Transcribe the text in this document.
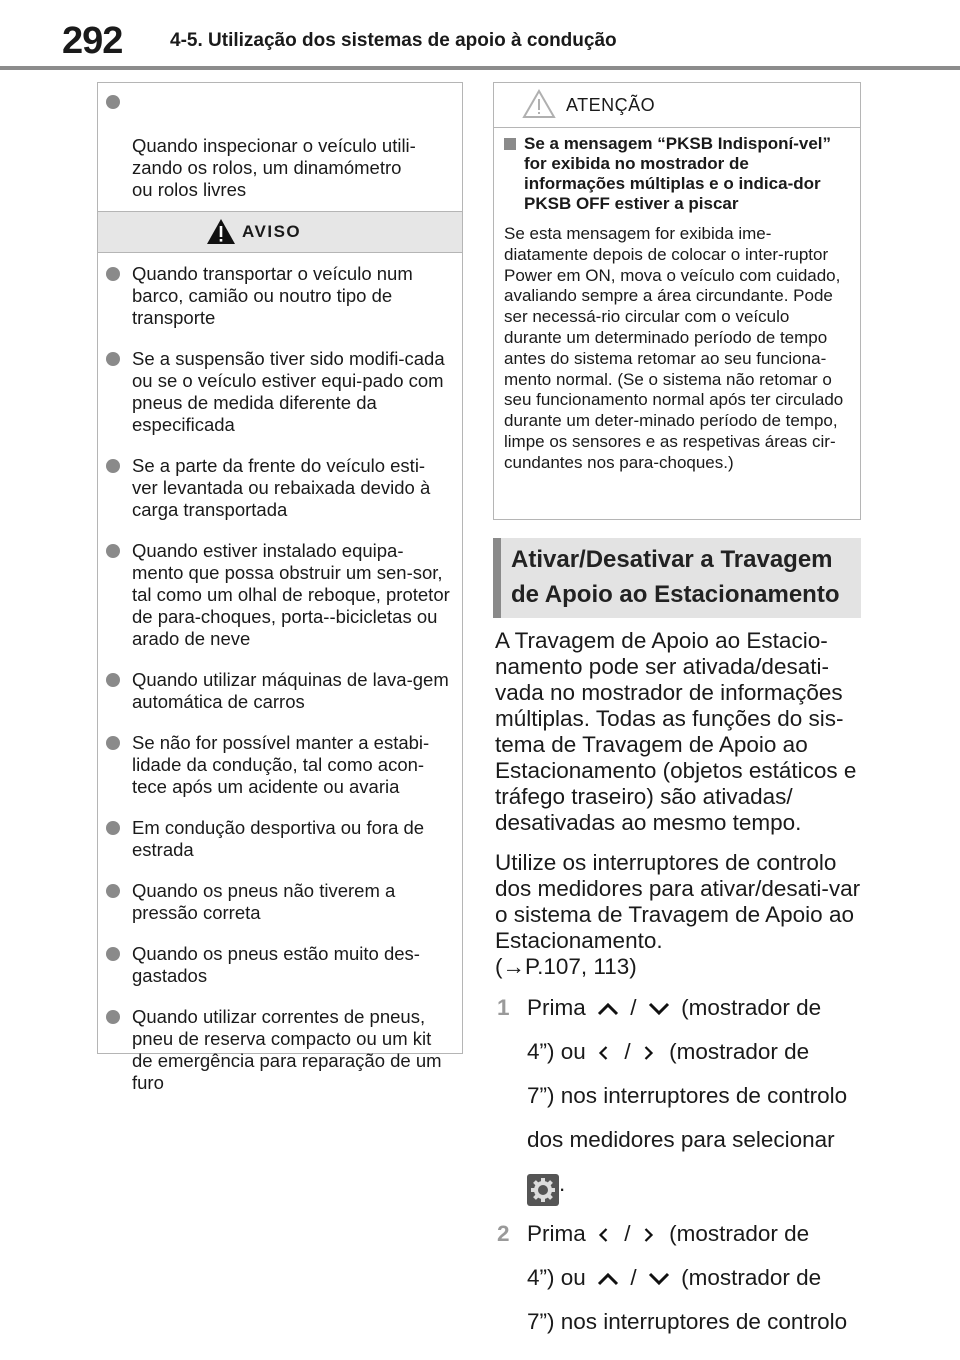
292	4-5. Utilização dos sistemas de apoio à condução

Quando inspecionar o veículo utili-
zando os rolos, um dinamómetro
ou rolos livres

AVISO
Quando transportar o veículo num barco, camião ou noutro tipo de transporte
Se a suspensão tiver sido modifi-cada ou se o veículo estiver equi-pado com pneus de medida diferente da especificada
Se a parte da frente do veículo esti-ver levantada ou rebaixada devido à carga transportada
Quando estiver instalado equipa-mento que possa obstruir um sen-sor, tal como um olhal de reboque, protetor de para-choques, porta--bicicletas ou arado de neve
Quando utilizar máquinas de lava-gem automática de carros
Se não for possível manter a estabi-lidade da condução, tal como acon-tece após um acidente ou avaria
Em condução desportiva ou fora de estrada
Quando os pneus não tiverem a pressão correta
Quando os pneus estão muito des-gastados
Quando utilizar correntes de pneus, pneu de reserva compacto ou um kit de emergência para reparação de um furo
ATENÇÃO
Se a mensagem “PKSB Indisponí-vel” for exibida no mostrador de informações múltiplas e o indica-dor PKSB OFF estiver a piscar
Se esta mensagem for exibida ime-diatamente depois de colocar o inter-ruptor Power em ON, mova o veículo com cuidado, avaliando sempre a área circundante. Pode ser necessá-rio circular com o veículo durante um determinado período de tempo antes do sistema retomar ao seu funciona-mento normal. (Se o sistema não retomar o seu funcionamento normal após ter circulado durante um deter-minado período de tempo, limpe os sensores e as respetivas áreas cir-cundantes nos para-choques.)
Ativar/Desativar a Travagem
de Apoio ao Estacionamento

A Travagem de Apoio ao Estacio-namento pode ser ativada/desati-vada no mostrador de informações múltiplas. Todas as funções do sis-tema de Travagem de Apoio ao Estacionamento (objetos estáticos e tráfego traseiro) são ativadas/ desativadas ao mesmo tempo.

Utilize os interruptores de controlo dos medidores para ativar/desati-var o sistema de Travagem de Apoio ao Estacionamento.
(→P.107, 113)

1 Prima / (mostrador de
4”) ou / (mostrador de
7”) nos interruptores de controlo
dos medidores para selecionar
.
2 Prima / (mostrador de
4”) ou / (mostrador de
7”) nos interruptores de controlo
